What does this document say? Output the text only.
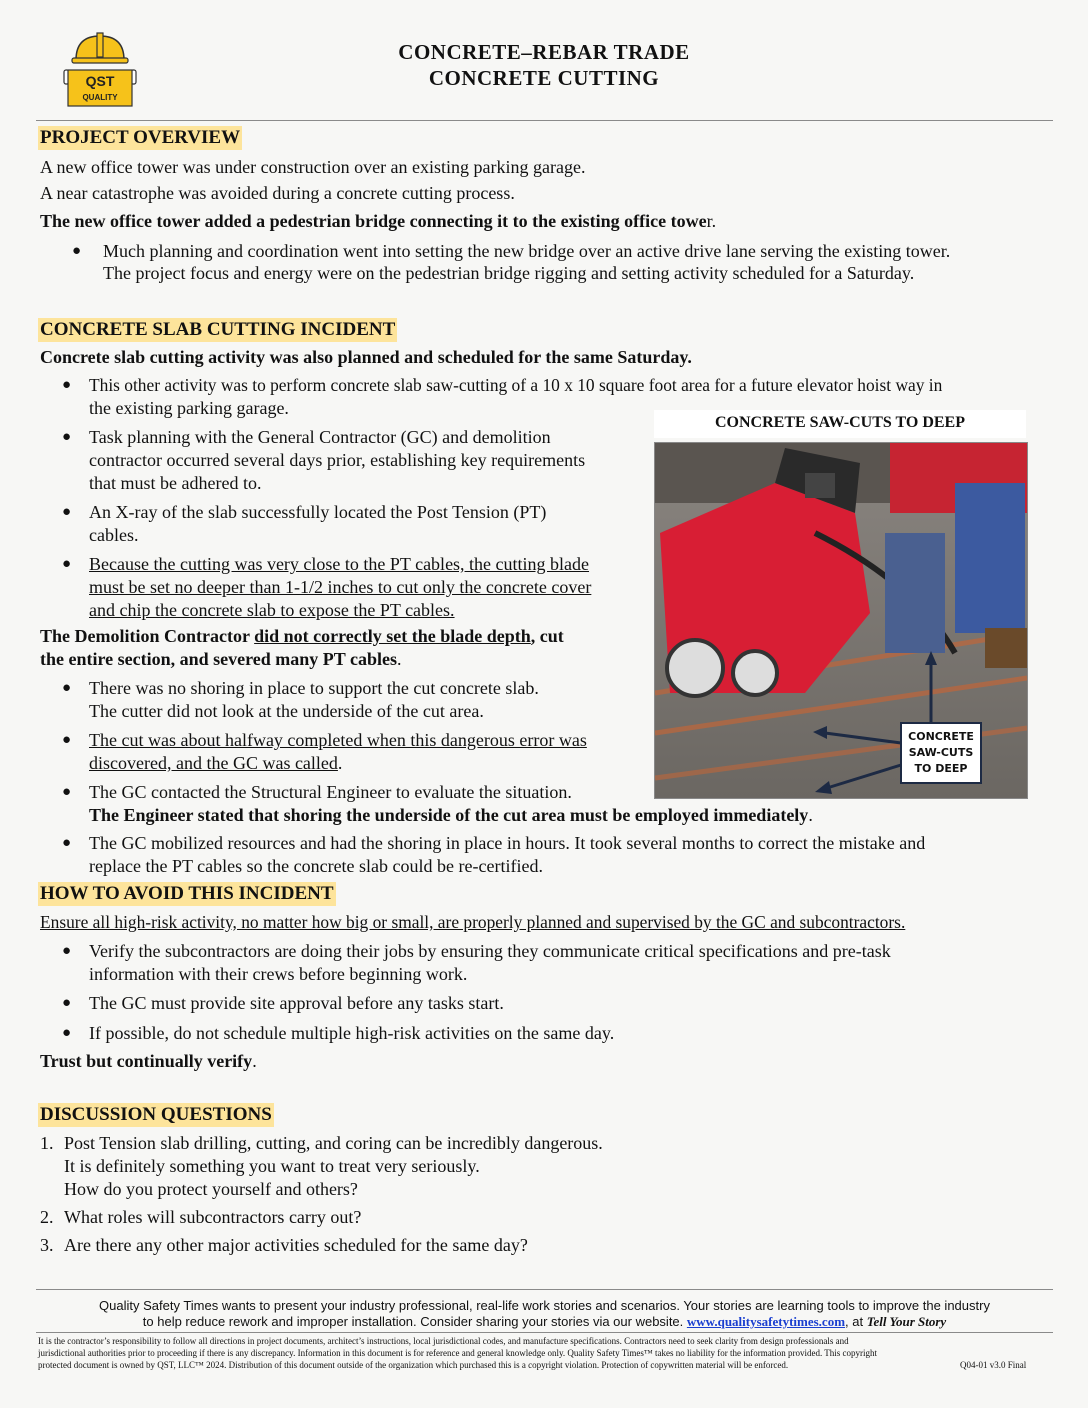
QST
QUALITY
CONCRETE–REBAR TRADE
CONCRETE CUTTING
PROJECT OVERVIEW
A new office tower was under construction over an existing parking garage.
A near catastrophe was avoided during a concrete cutting process.
The new office tower added a pedestrian bridge connecting it to the existing office tower.
● Much planning and coordination went into setting the new bridge over an active drive lane serving the existing tower.
The project focus and energy were on the pedestrian bridge rigging and setting activity scheduled for a Saturday.
CONCRETE SLAB CUTTING INCIDENT
Concrete slab cutting activity was also planned and scheduled for the same Saturday.
● This other activity was to perform concrete slab saw-cutting of a 10 x 10 square foot area for a future elevator hoist way in
the existing parking garage.
● Task planning with the General Contractor (GC) and demolition
contractor occurred several days prior, establishing key requirements
that must be adhered to.
● An X-ray of the slab successfully located the Post Tension (PT)
cables.
● Because the cutting was very close to the PT cables, the cutting blade
must be set no deeper than 1-1/2 inches to cut only the concrete cover
and chip the concrete slab to expose the PT cables.
The Demolition Contractor did not correctly set the blade depth, cut
the entire section, and severed many PT cables.
● There was no shoring in place to support the cut concrete slab.
The cutter did not look at the underside of the cut area.
● The cut was about halfway completed when this dangerous error was
discovered, and the GC was called.
● The GC contacted the Structural Engineer to evaluate the situation.
The Engineer stated that shoring the underside of the cut area must be employed immediately.
● The GC mobilized resources and had the shoring in place in hours. It took several months to correct the mistake and
replace the PT cables so the concrete slab could be re-certified.
CONCRETE SAW-CUTS TO DEEP
CONCRETE
SAW-CUTS
TO DEEP
HOW TO AVOID THIS INCIDENT
Ensure all high-risk activity, no matter how big or small, are properly planned and supervised by the GC and subcontractors.
● Verify the subcontractors are doing their jobs by ensuring they communicate critical specifications and pre-task
information with their crews before beginning work.
● The GC must provide site approval before any tasks start.
● If possible, do not schedule multiple high-risk activities on the same day.
Trust but continually verify.
DISCUSSION QUESTIONS
1. Post Tension slab drilling, cutting, and coring can be incredibly dangerous.
It is definitely something you want to treat very seriously.
How do you protect yourself and others?
2. What roles will subcontractors carry out?
3. Are there any other major activities scheduled for the same day?
Quality Safety Times wants to present your industry professional, real-life work stories and scenarios. Your stories are learning tools to improve the industry
to help reduce rework and improper installation. Consider sharing your stories via our website. www.qualitysafetytimes.com, at Tell Your Story
It is the contractor’s responsibility to follow all directions in project documents, architect’s instructions, local jurisdictional codes, and manufacture specifications. Contractors need to seek clarity from design professionals and
jurisdictional authorities prior to proceeding if there is any discrepancy. Information in this document is for reference and general knowledge only. Quality Safety Times™ takes no liability for the information provided. This copyright
protected document is owned by QST, LLC™ 2024. Distribution of this document outside of the organization which purchased this is a copyright violation. Protection of copywritten material will be enforced.	Q04-01 v3.0 Final
